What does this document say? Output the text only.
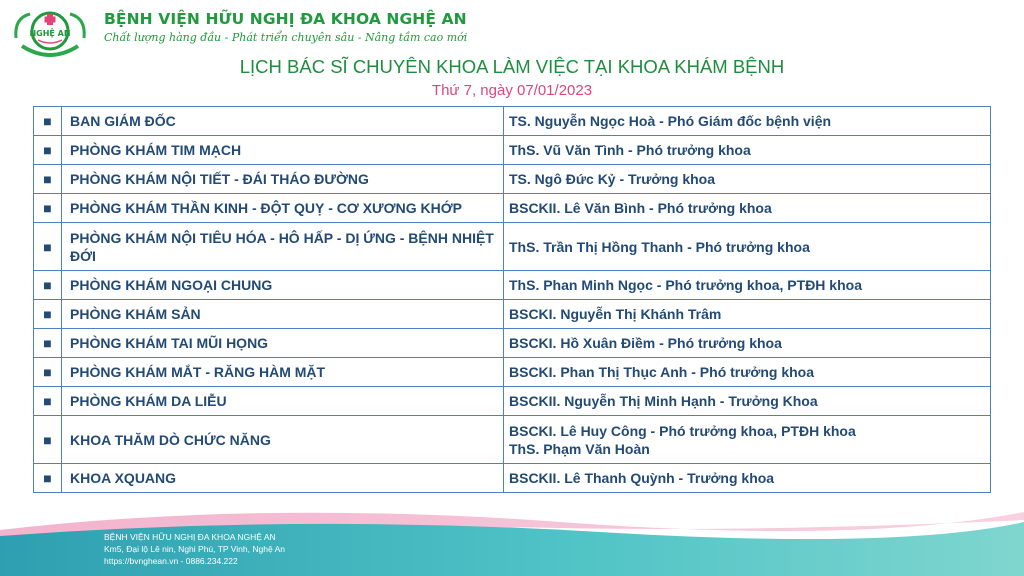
NGHỆ AN
BỆNH VIỆN HỮU NGHỊ ĐA KHOA NGHỆ AN
Chất lượng hàng đầu - Phát triển chuyên sâu - Nâng tầm cao mới
LỊCH BÁC SĨ CHUYÊN KHOA LÀM VIỆC TẠI KHOA KHÁM BỆNH
Thứ 7, ngày 07/01/2023
■	BAN GIÁM ĐỐC	TS. Nguyễn Ngọc Hoà - Phó Giám đốc bệnh viện
■	PHÒNG KHÁM TIM MẠCH	ThS. Vũ Văn Tình - Phó trưởng khoa
■	PHÒNG KHÁM NỘI TIẾT - ĐÁI THÁO ĐƯỜNG	TS. Ngô Đức Kỷ - Trưởng khoa
■	PHÒNG KHÁM THẦN KINH - ĐỘT QUỴ - CƠ XƯƠNG KHỚP	BSCKII. Lê Văn Bình - Phó trưởng khoa
■	PHÒNG KHÁM NỘI TIÊU HÓA - HÔ HẤP - DỊ ỨNG - BỆNH NHIỆT ĐỚI	ThS. Trần Thị Hồng Thanh - Phó trưởng khoa
■	PHÒNG KHÁM NGOẠI CHUNG	ThS. Phan Minh Ngọc - Phó trưởng khoa, PTĐH khoa
■	PHÒNG KHÁM SẢN	BSCKI. Nguyễn Thị Khánh Trâm
■	PHÒNG KHÁM TAI MŨI HỌNG	BSCKI. Hồ Xuân Điềm - Phó trưởng khoa
■	PHÒNG KHÁM MẮT - RĂNG HÀM MẶT	BSCKI. Phan Thị Thục Anh - Phó trưởng khoa
■	PHÒNG KHÁM DA LIỄU	BSCKII. Nguyễn Thị Minh Hạnh - Trưởng Khoa
■	KHOA THĂM DÒ CHỨC NĂNG	BSCKI. Lê Huy Công - Phó trưởng khoa, PTĐH khoa
ThS. Phạm Văn Hoàn

■	KHOA XQUANG	BSCKII. Lê Thanh Quỳnh - Trưởng khoa
BỆNH VIỆN HỮU NGHỊ ĐA KHOA NGHỆ AN
Km5, Đại lộ Lê nin, Nghi Phú, TP Vinh, Nghệ An
https://bvnghean.vn - 0886.234.222
